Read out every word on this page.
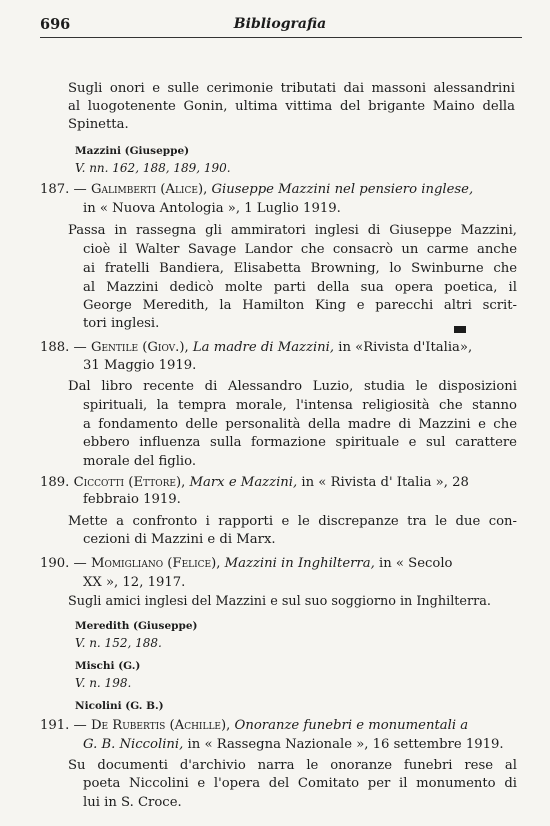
696	Bibliografia
Sugli onori e sulle cerimonie tributati dai massoni alessandrini
al luogotenente Gonin, ultima vittima del brigante Maino della
Spinetta.
Mazzini (Giuseppe)
V. nn. 162, 188, 189, 190.
187. — Galimberti (Alice), Giuseppe Mazzini nel pensiero inglese,
in « Nuova Antologia », 1 Luglio 1919.
Passa in rassegna gli ammiratori inglesi di Giuseppe Mazzini,
cioè il Walter Savage Landor che consacrò un carme anche
ai fratelli Bandiera, Elisabetta Browning, lo Swinburne che
al Mazzini dedicò molte parti della sua opera poetica, il
George Meredith, la Hamilton King e parecchi altri scrit-
tori inglesi.
188. — Gentile (Giov.), La madre di Mazzini, in «Rivista d'Italia»,
31 Maggio 1919.
Dal libro recente di Alessandro Luzio, studia le disposizioni
spirituali, la tempra morale, l'intensa religiosità che stanno
a fondamento delle personalità della madre di Mazzini e che
ebbero influenza sulla formazione spirituale e sul carattere
morale del figlio.
189. Ciccotti (Ettore), Marx e Mazzini, in « Rivista d' Italia », 28
febbraio 1919.
Mette a confronto i rapporti e le discrepanze tra le due con-
cezioni di Mazzini e di Marx.
190. — Momigliano (Felice), Mazzini in Inghilterra, in « Secolo
XX », 12, 1917.
Sugli amici inglesi del Mazzini e sul suo soggiorno in Inghilterra.
Meredith (Giuseppe)
V. n. 152, 188.
Mischi (G.)
V. n. 198.
Nicolini (G. B.)
191. — De Rubertis (Achille), Onoranze funebri e monumentali a
G. B. Niccolini, in « Rassegna Nazionale », 16 settembre 1919.
Su documenti d'archivio narra le onoranze funebri rese al
poeta Niccolini e l'opera del Comitato per il monumento di
lui in S. Croce.
